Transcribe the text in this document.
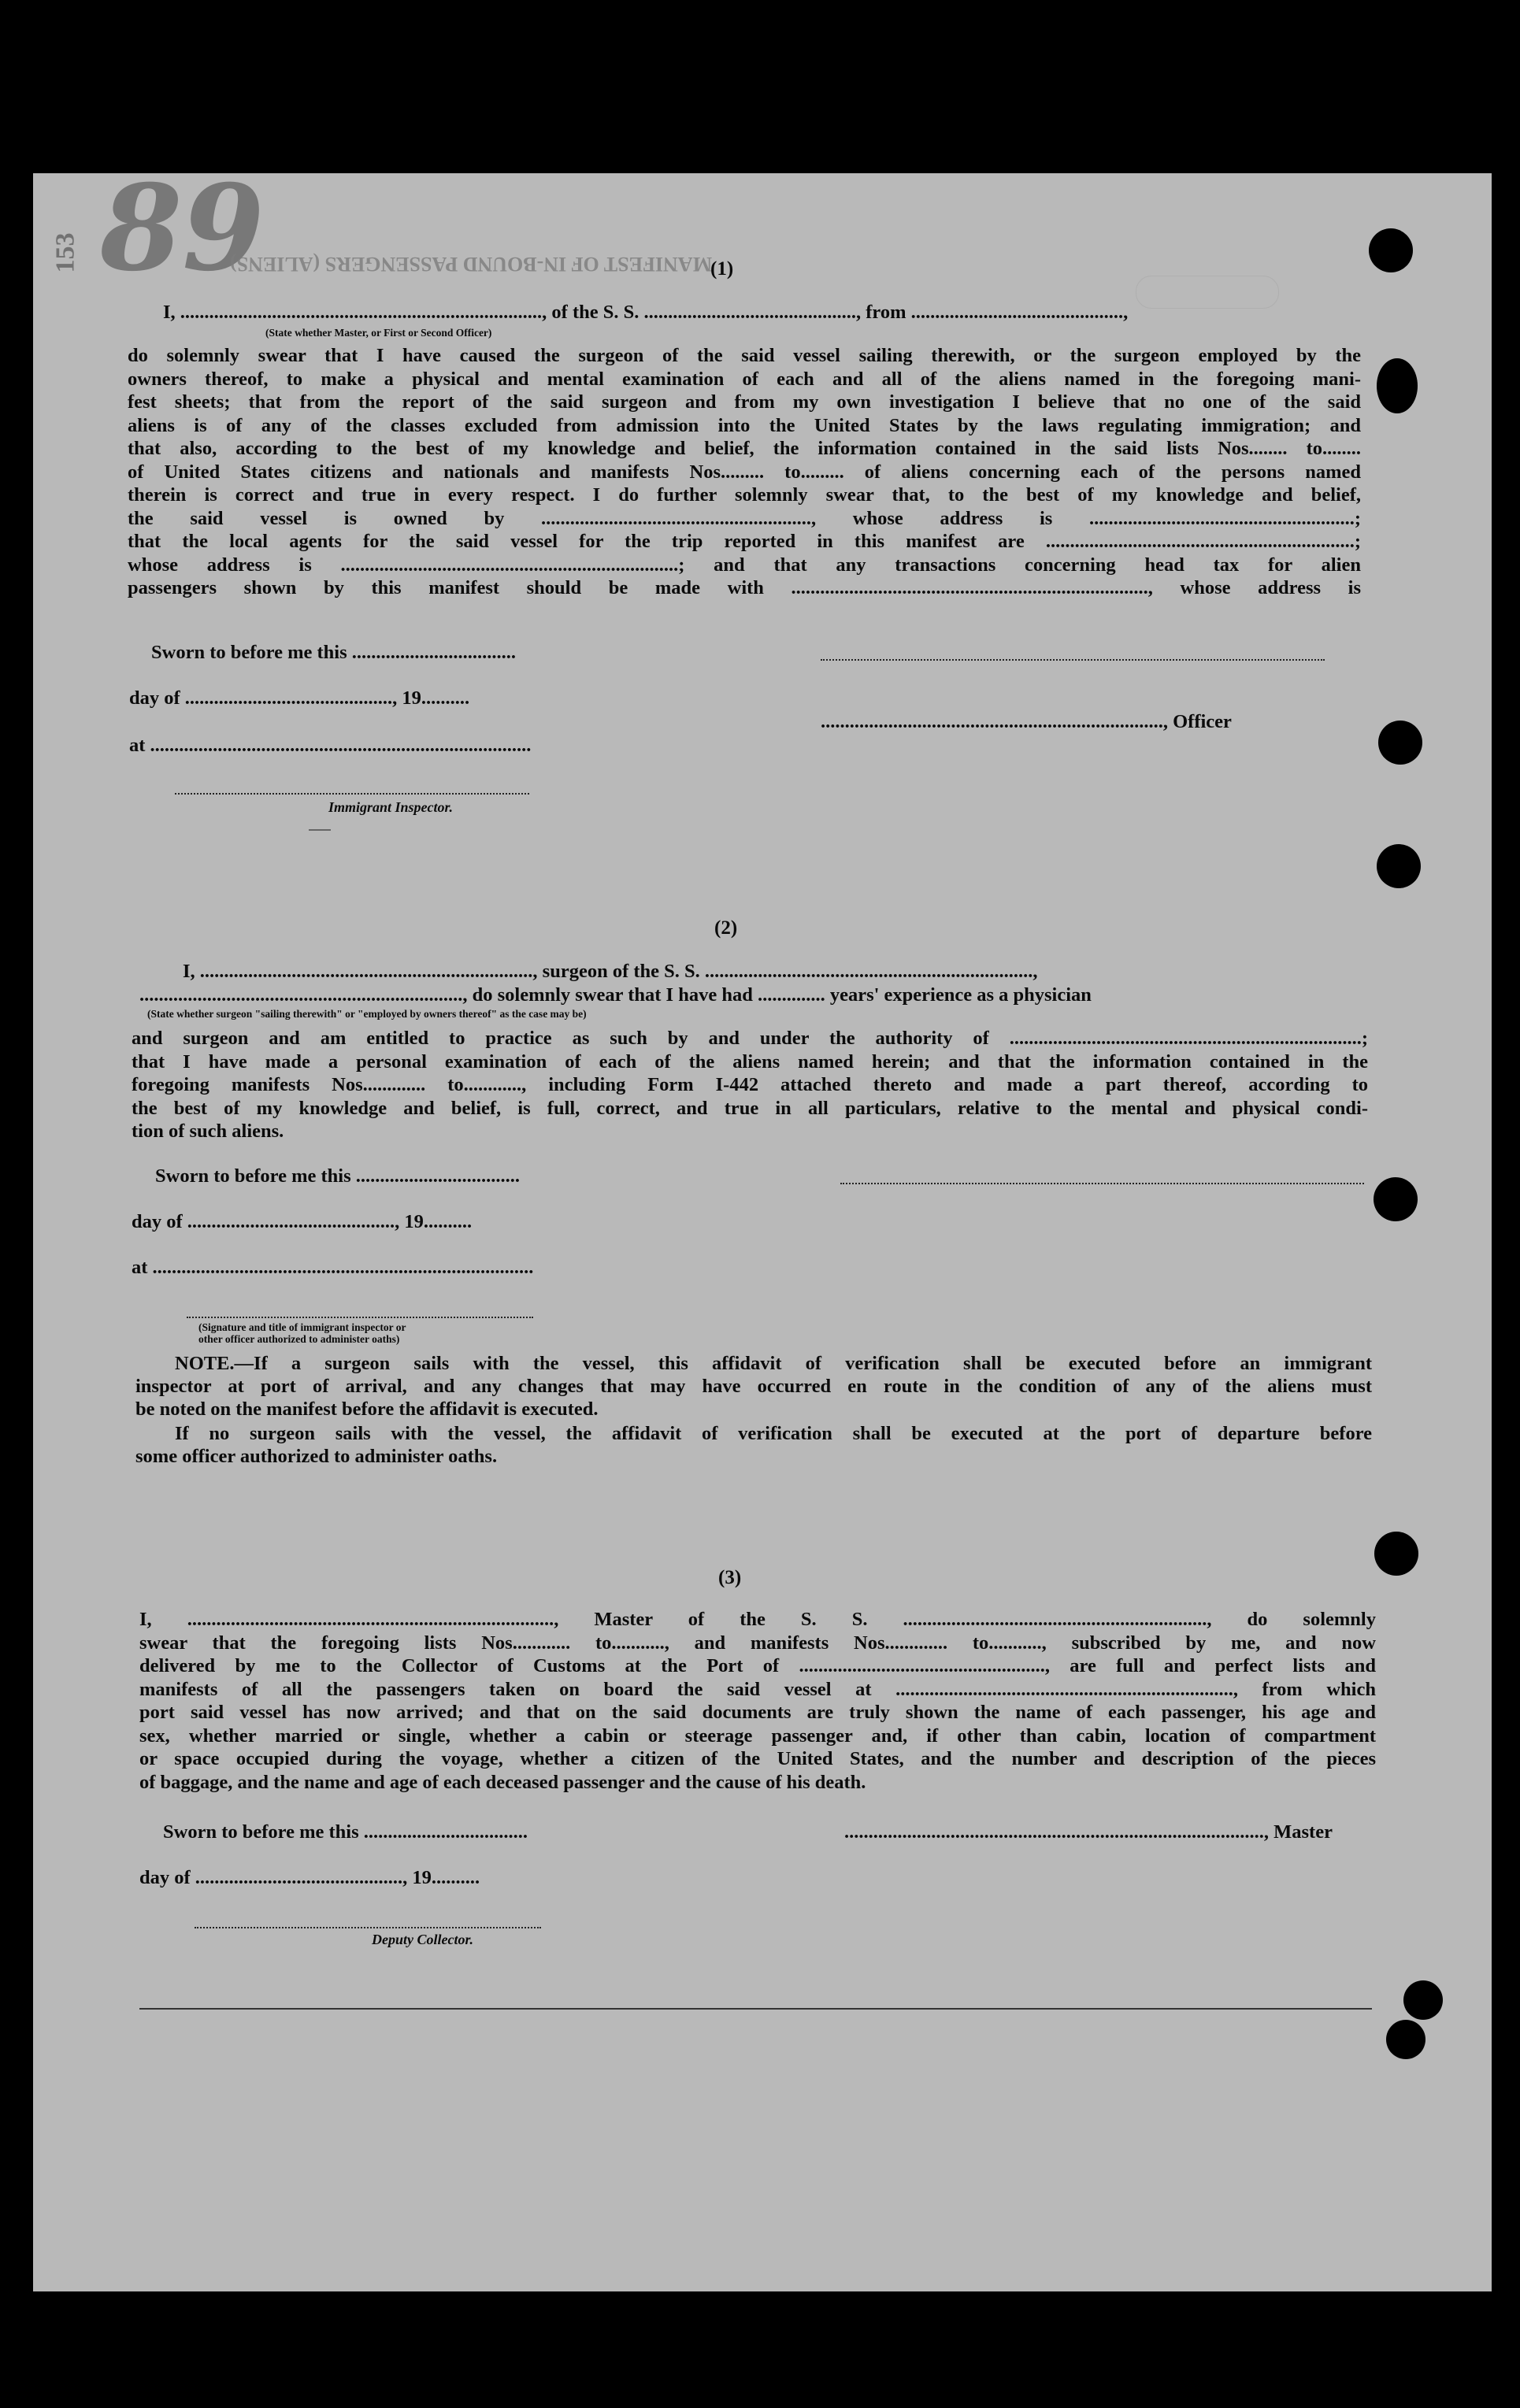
89
153	MANIFEST OF IN-BOUND PASSENGERS (ALIENS)
(1)
I, ..........................................................................., of the S. S. ............................................, from ............................................,
(State whether Master, or First or Second Officer)
do solemnly swear that I have caused the surgeon of the said vessel sailing therewith, or the surgeon employed by the
owners thereof, to make a physical and mental examination of each and all of the aliens named in the foregoing mani-
fest sheets; that from the report of the said surgeon and from my own investigation I believe that no one of the said
aliens is of any of the classes excluded from admission into the United States by the laws regulating immigration; and
that also, according to the best of my knowledge and belief, the information contained in the said lists Nos........ to........
of United States citizens and nationals and manifests Nos......... to......... of aliens concerning each of the persons named
therein is correct and true in every respect. I do further solemnly swear that, to the best of my knowledge and belief,
the said vessel is owned by ........................................................, whose address is .......................................................;
that the local agents for the said vessel for the trip reported in this manifest are ................................................................;
whose address is ......................................................................; and that any transactions concerning head tax for alien
passengers shown by this manifest should be made with .........................................................................., whose address is
Sworn to before me this ..................................
day of ..........................................., 19..........
......................................................................., Officer
at ...............................................................................
Immigrant Inspector.
(2)
I, ....................................................................., surgeon of the S. S. ....................................................................,
..................................................................., do solemnly swear that I have had .............. years' experience as a physician
(State whether surgeon "sailing therewith" or "employed by owners thereof" as the case may be)
and surgeon and am entitled to practice as such by and under the authority of .........................................................................;
that I have made a personal examination of each of the aliens named herein; and that the information contained in the
foregoing manifests Nos............. to............, including Form I-442 attached thereto and made a part thereof, according to
the best of my knowledge and belief, is full, correct, and true in all particulars, relative to the mental and physical condi-
tion of such aliens.
Sworn to before me this ..................................
day of ..........................................., 19..........
at ...............................................................................
(Signature and title of immigrant inspector or
other officer authorized to administer oaths)
NOTE.—If a surgeon sails with the vessel, this affidavit of verification shall be executed before an immigrant
inspector at port of arrival, and any changes that may have occurred en route in the condition of any of the aliens must
be noted on the manifest before the affidavit is executed.
If no surgeon sails with the vessel, the affidavit of verification shall be executed at the port of departure before
some officer authorized to administer oaths.
(3)
I, ............................................................................, Master of the S. S. ..............................................................., do solemnly
swear that the foregoing lists Nos............ to..........., and manifests Nos............. to..........., subscribed by me, and now
delivered by me to the Collector of Customs at the Port of ..................................................., are full and perfect lists and
manifests of all the passengers taken on board the said vessel at ......................................................................, from which
port said vessel has now arrived; and that on the said documents are truly shown the name of each passenger, his age and
sex, whether married or single, whether a cabin or steerage passenger and, if other than cabin, location of compartment
or space occupied during the voyage, whether a citizen of the United States, and the number and description of the pieces
of baggage, and the name and age of each deceased passenger and the cause of his death.
Sworn to before me this ..................................	......................................................................................., Master
day of ..........................................., 19..........
Deputy Collector.
